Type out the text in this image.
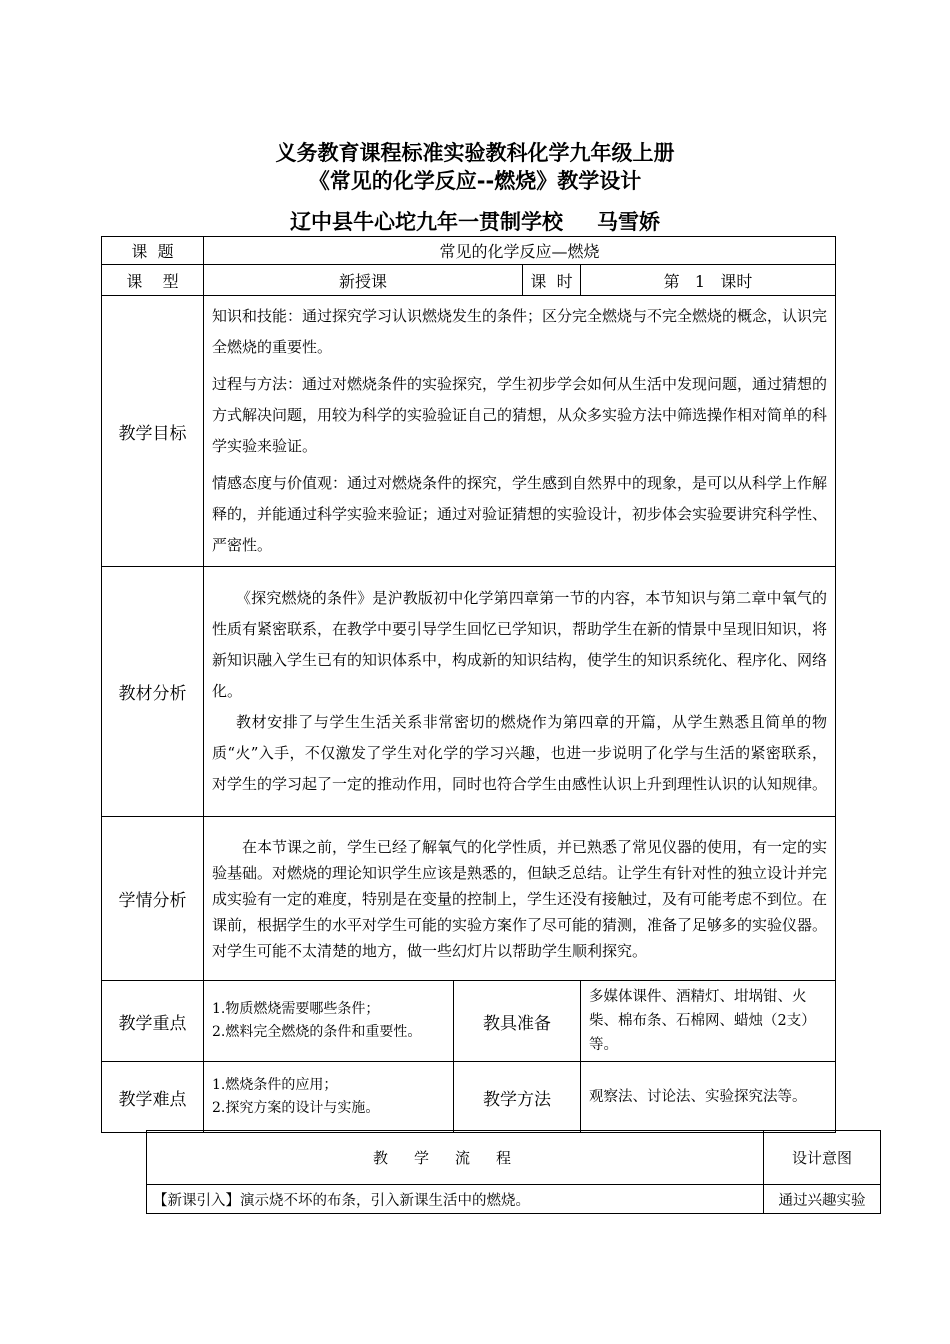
义务教育课程标准实验教科化学九年级上册
《常见的化学反应--燃烧》教学设计
辽中县牛心坨九年一贯制学校 马雪娇
课  题	常见的化学反应—燃烧			
课    型	新授课		课  时	第   1   课时
教学目标	知识和技能：通过探究学习认识燃烧发生的条件；区分完全燃烧与不完全燃烧的概念，认识完全燃烧的重要性。

过程与方法：通过对燃烧条件的实验探究，学生初步学会如何从生活中发现问题，通过猜想的方式解决问题，用较为科学的实验验证自己的猜想，从众多实验方法中筛选操作相对简单的科学实验来验证。

情感态度与价值观：通过对燃烧条件的探究，学生感到自然界中的现象，是可以从科学上作解释的，并能通过科学实验来验证；通过对验证猜想的实验设计，初步体会实验要讲究科学性、严密性。			

教材分析	《探究燃烧的条件》是沪教版初中化学第四章第一节的内容，本节知识与第二章中氧气的性质有紧密联系，在教学中要引导学生回忆已学知识，帮助学生在新的情景中呈现旧知识，将新知识融入学生已有的知识体系中，构成新的知识结构，使学生的知识系统化、程序化、网络化。

教材安排了与学生生活关系非常密切的燃烧作为第四章的开篇，从学生熟悉且简单的物质“火”入手，不仅激发了学生对化学的学习兴趣，也进一步说明了化学与生活的紧密联系，对学生的学习起了一定的推动作用，同时也符合学生由感性认识上升到理性认识的认知规律。			

学情分析	在本节课之前，学生已经了解氧气的化学性质，并已熟悉了常见仪器的使用，有一定的实验基础。对燃烧的理论知识学生应该是熟悉的，但缺乏总结。让学生有针对性的独立设计并完成实验有一定的难度，特别是在变量的控制上，学生还没有接触过，及有可能考虑不到位。在课前，根据学生的水平对学生可能的实验方案作了尽可能的猜测，准备了足够多的实验仪器。对学生可能不太清楚的地方，做一些幻灯片以帮助学生顺利探究。			

教学重点	1.物质燃烧需要哪些条件；
2.燃料完全燃烧的条件和重要性。	教具准备		多媒体课件、酒精灯、坩埚钳、火柴、棉布条、石棉网、蜡烛（2支）等。
教学难点	1.燃烧条件的应用；
2.探究方案的设计与实施。	教学方法		观察法、讨论法、实验探究法等。
教学流程	设计意图
【新课引入】演示烧不坏的布条，引入新课生活中的燃烧。	通过兴趣实验
